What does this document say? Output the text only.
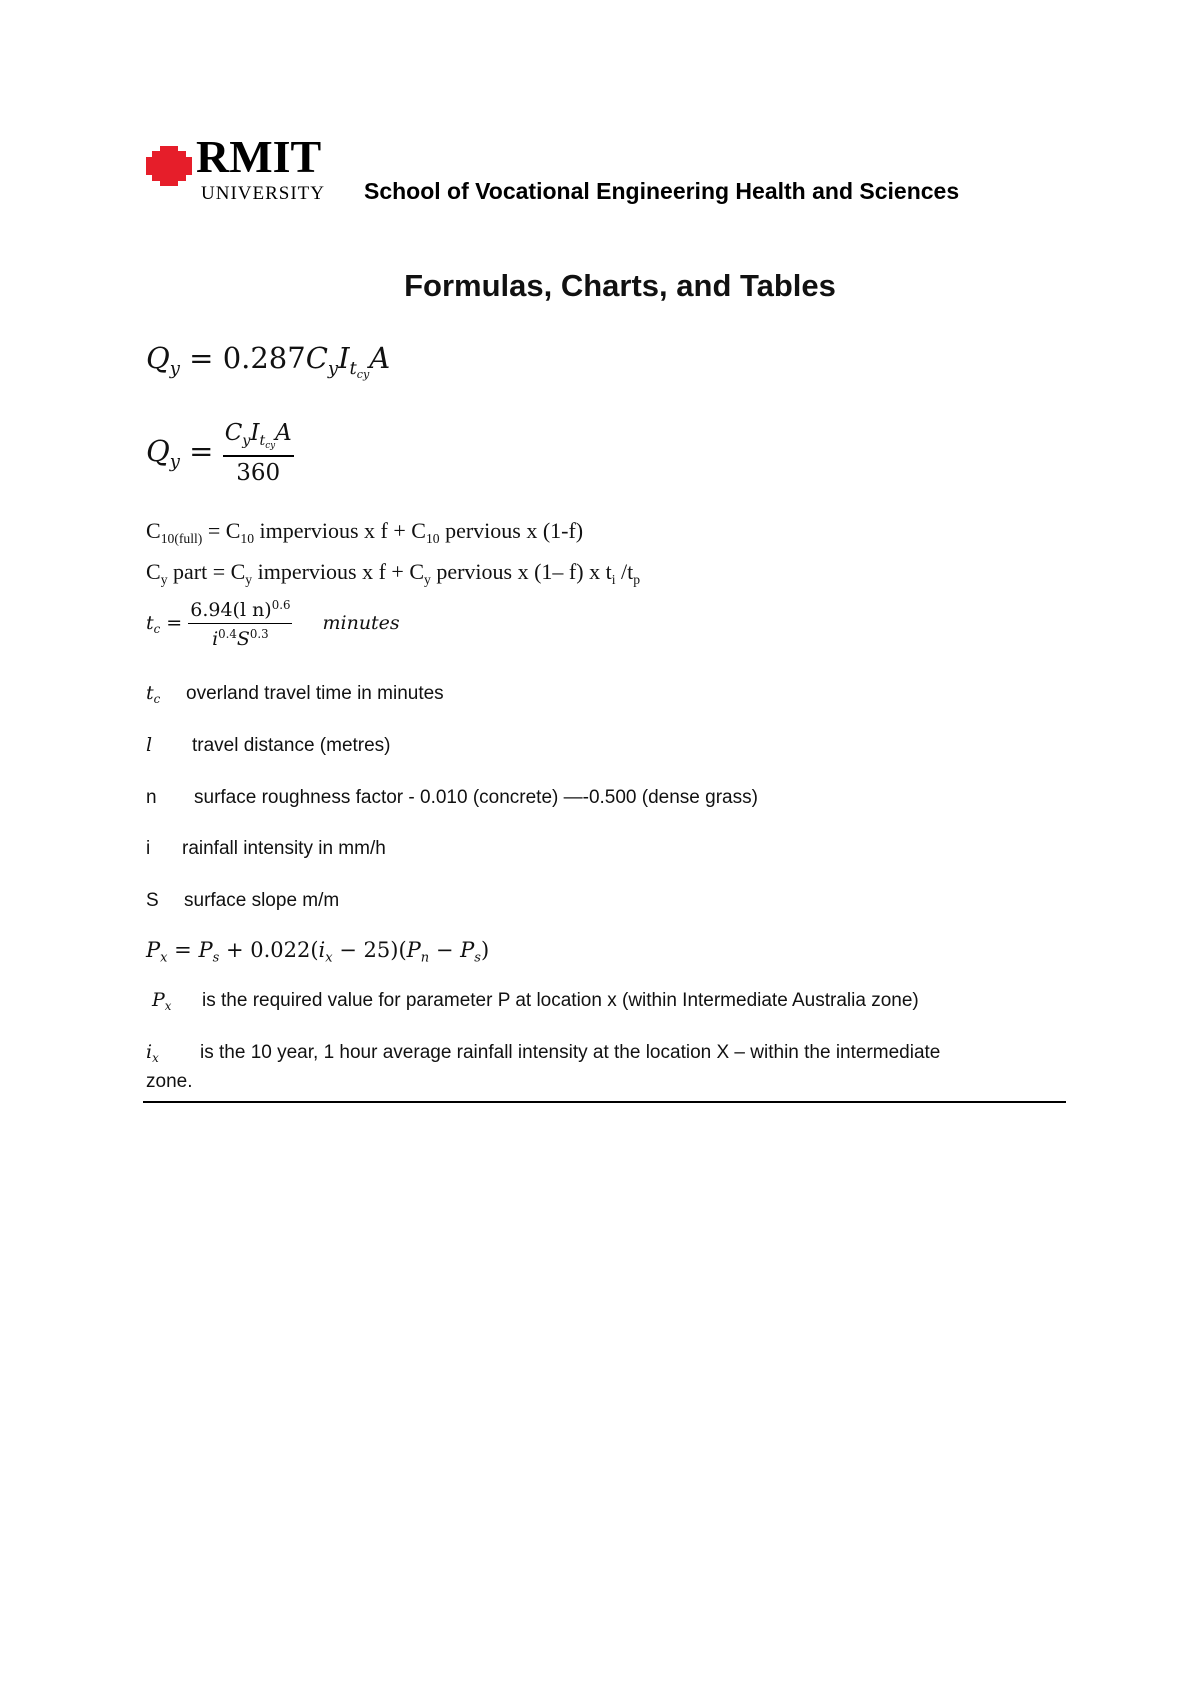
RMIT
UNIVERSITY School of Vocational Engineering Health and Sciences
Formulas, Charts, and Tables
$Q_y = 0.287C_yI_{t_{cy}}A$
$Q_y = \frac{C_yI_{t_{cy}}A}{360}$
$C_{10(full)} = C_{10}$ impervious x $f + C_{10}$ pervious x (1-f)
$C_y$ part = $C_y$ impervious x $f + C_y$ pervious x (1– f) x $t_i$ $/t_p$
$t_c = \frac{6.94(l n)^{0.6}}{i^{0.4}S^{0.3}}$ minutes
$t_c$ overland travel time in minutes
l travel distance (metres)
n surface roughness factor - 0.010 (concrete) —-0.500 (dense grass)
i rainfall intensity in mm/h
S surface slope m/m
$P_x = P_s + 0.022(i_x - 25)(P_n - P_s)$
$P_x$ is the required value for parameter P at location x (within Intermediate Australia zone)
$i_x$ is the 10 year, 1 hour average rainfall intensity at the location X – within the intermediate
zone.
